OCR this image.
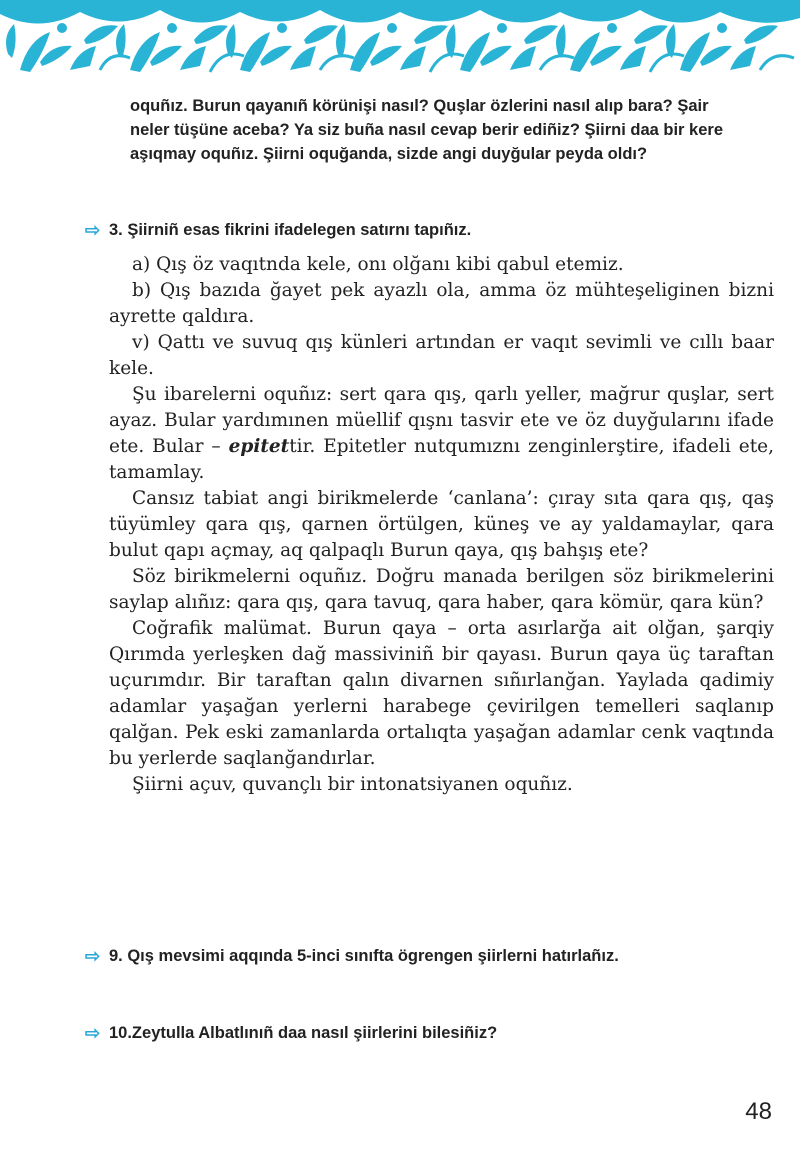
oquñız. Burun qayanıñ körünişi nasıl? Quşlar özlerini nasıl alıp bara? Şair neler tüşüne aceba? Ya siz buña nasıl cevap berir ediñiz? Şiirni daa bir kere aşıqmay oquñız. Şiirni oquğanda, sizde angi duyğular peyda oldı?
⇨ 3. Şiirniñ esas fikrini ifadelegen satırnı tapıñız.

a) Qış öz vaqıtnda kele, onı olğanı kibi qabul etemiz.

b) Qış bazıda ğayet pek ayazlı ola, amma öz mühteşeliginen bizni ayrette qaldıra.

v) Qattı ve suvuq qış künleri artından er vaqıt sevimli ve cıllı baar kele.

Şu ibarelerni oquñız: sert qara qış, qarlı yeller, mağrur quşlar, sert ayaz. Bular yardımınen müellif qışnı tasvir ete ve öz duyğularını ifade ete. Bular – epitettir. Epitetler nutqumıznı zenginlerştire, ifadeli ete, tamamlay.

Cansız tabiat angi birikmelerde ‘canlana’: çıray sıta qara qış, qaş tüyümley qara qış, qarnen örtülgen, küneş ve ay yaldamaylar, qara bulut qapı açmay, aq qalpaqlı Burun qaya, qış bahşış ete?

Söz birikmelerni oquñız. Doğru manada berilgen söz birikmelerini saylap alıñız: qara qış, qara tavuq, qara haber, qara kömür, qara kün?

Coğrafik malümat. Burun qaya – orta asırlarğa ait olğan, şarqiy Qırımda yerleşken dağ massiviniñ bir qayası. Burun qaya üç taraftan uçurımdır. Bir taraftan qalın divarnen sıñırlanğan. Yaylada qadimiy adamlar yaşağan yerlerni harabege çevirilgen temelleri saqlanıp qalğan. Pek eski zamanlarda ortalıqta yaşağan adamlar cenk vaqtında bu yerlerde saqlanğandırlar.

Şiirni açuv, quvançlı bir intonatsiyanen oquñız.

⇨ 9. Qış mevsimi aqqında 5-inci sınıfta ögrengen şiirlerni hatırlañız.
⇨ 10.Zeytulla Albatlınıñ daa nasıl şiirlerini bilesiñiz?
48
